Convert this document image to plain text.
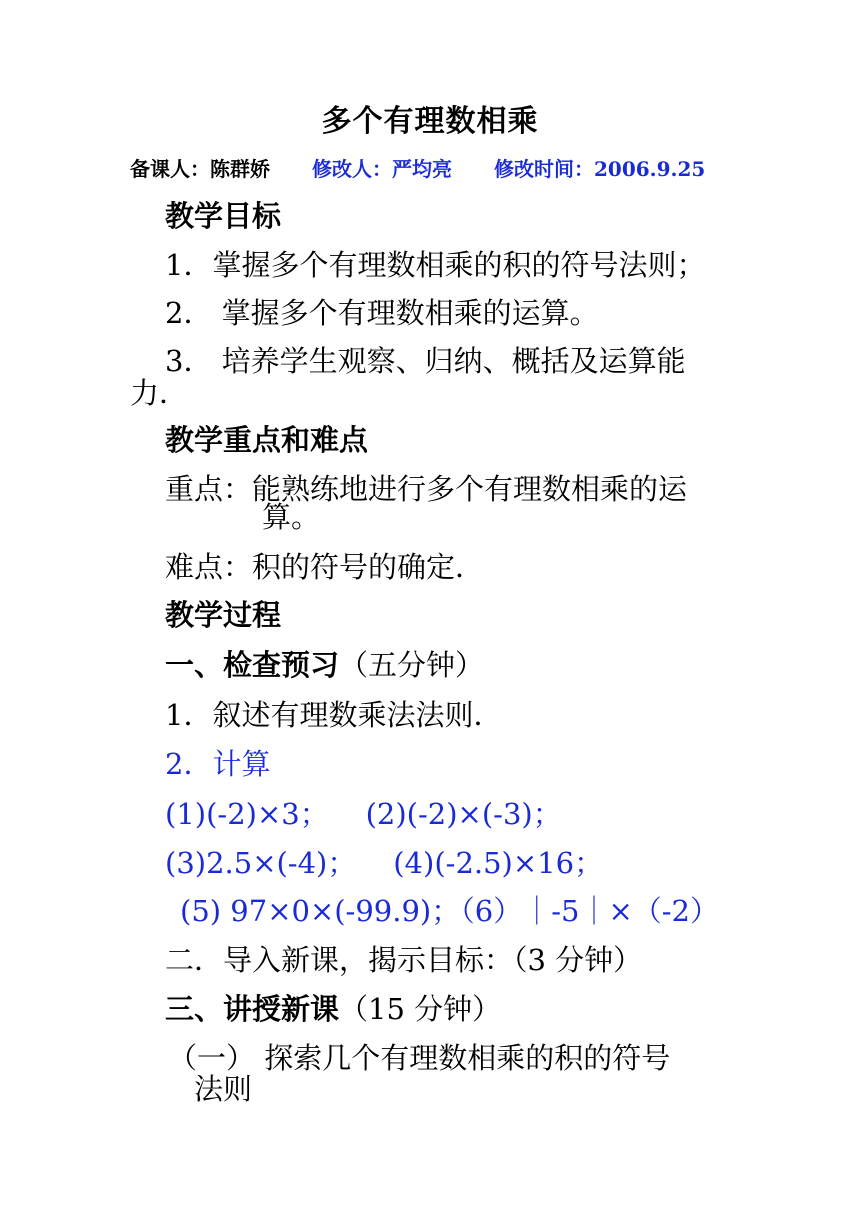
多个有理数相乘
备课人：陈群娇 修改人：严均亮 修改时间：2006.9.25
教学目标
1．掌握多个有理数相乘的积的符号法则；
2． 掌握多个有理数相乘的运算。
3． 培养学生观察、归纳、概括及运算能
力．
教学重点和难点
重点：能熟练地进行多个有理数相乘的运
算。
难点：积的符号的确定．
教学过程
一、检查预习（五分钟）
1．叙述有理数乘法法则．
2．计算
(1)(-2)×3；    (2)(-2)×(-3)；
(3)2.5×(-4)；    (4)(-2.5)×16；
(5) 97×0×(-99.9)；（6）｜-5｜×（-2）
二．导入新课，揭示目标：（3 分钟）
三、讲授新课（15 分钟）
（一） 探索几个有理数相乘的积的符号
法则
